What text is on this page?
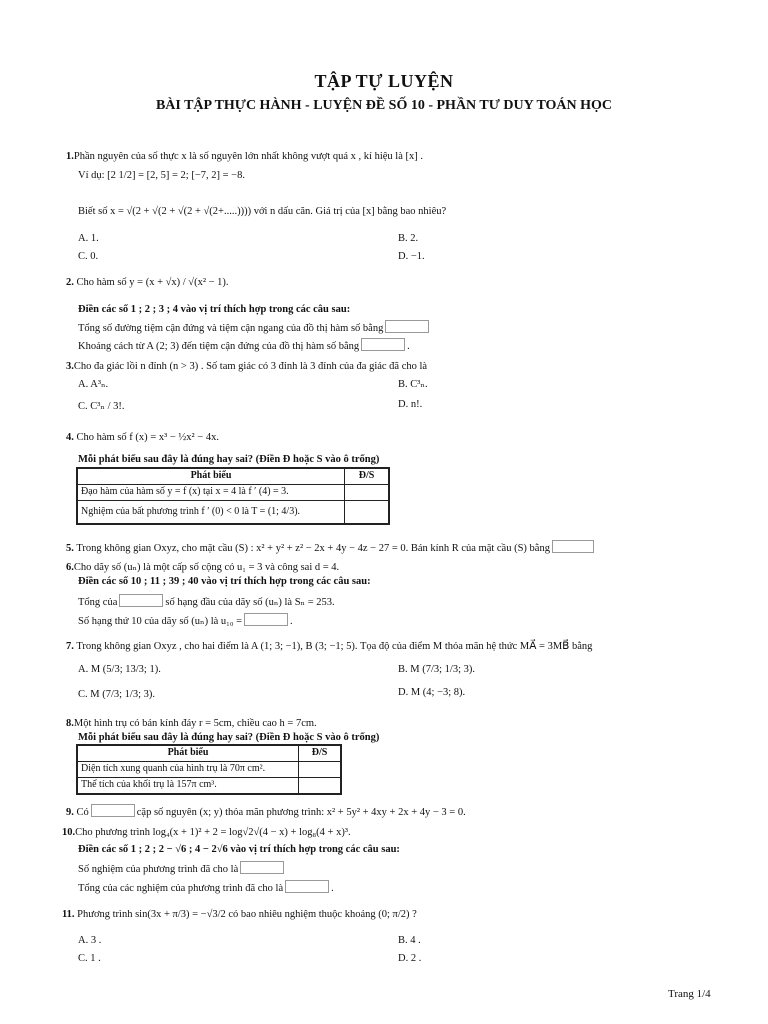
TẬP TỰ LUYỆN
BÀI TẬP THỰC HÀNH - LUYỆN ĐỀ SỐ 10 - PHẦN TƯ DUY TOÁN HỌC
1.Phần nguyên của số thực x là số nguyên lớn nhất không vượt quá x , kí hiệu là [x] .
Ví dụ: [2 1/2] = [2, 5] = 2; [−7, 2] = −8.
Biết số x = √(2 + √(2 + √(2 + √(2+.....)))) với n dấu căn. Giá trị của [x] bằng bao nhiêu?
A. 1.	B. 2.
C. 0.	D. −1.
2. Cho hàm số y = (x + √x) / √(x² − 1).
Điền các số 1 ; 2 ; 3 ; 4 vào vị trí thích hợp trong các câu sau:
Tổng số đường tiệm cận đứng và tiệm cận ngang của đồ thị hàm số bằng
Khoảng cách từ A (2; 3) đến tiệm cận đứng của đồ thị hàm số bằng	.
3.Cho đa giác lồi n đỉnh (n > 3) . Số tam giác có 3 đỉnh là 3 đỉnh của đa giác đã cho là
A. A³ₙ.	B. C³ₙ.
C. C³ₙ / 3!.	D. n!.
4. Cho hàm số f (x) = x³ − ½x² − 4x.
Mỗi phát biểu sau đây là đúng hay sai? (Điền Đ hoặc S vào ô trống)
Phát biểu	Đ/S
Đạo hàm của hàm số y = f (x) tại x = 4 là f ′ (4) = 3.	
Nghiệm của bất phương trình f ′ (0) < 0 là T = (1; 4/3).	
5. Trong không gian Oxyz, cho mặt cầu (S) : x² + y² + z² − 2x + 4y − 4z − 27 = 0. Bán kính R của mặt cầu (S) bằng
6.Cho dãy số (uₙ) là một cấp số cộng có u₁ = 3 và công sai d = 4.
Điền các số 10 ; 11 ; 39 ; 40 vào vị trí thích hợp trong các câu sau:
Tổng của	số hạng đầu của dãy số (uₙ) là Sₙ = 253.
Số hạng thứ 10 của dãy số (uₙ) là u₁₀ =	.
7. Trong không gian Oxyz , cho hai điểm là A (1; 3; −1), B (3; −1; 5). Tọa độ của điểm M thỏa mãn hệ thức MA⃗ = 3MB⃗ bằng
A. M (5/3; 13/3; 1).	B. M (7/3; 1/3; 3).
C. M (7/3; 1/3; 3).	D. M (4; −3; 8).
8.Một hình trụ có bán kính đáy r = 5cm, chiều cao h = 7cm.
Mỗi phát biểu sau đây là đúng hay sai? (Điền Đ hoặc S vào ô trống)
Phát biểu	Đ/S
Diện tích xung quanh của hình trụ là 70π cm².	
Thể tích của khối trụ là 157π cm³.	
9. Có	cặp số nguyên (x; y) thỏa mãn phương trình: x² + 5y² + 4xy + 2x + 4y − 3 = 0.
10.Cho phương trình log₄(x + 1)² + 2 = log√2√(4 − x) + log₈(4 + x)³.
Điền các số 1 ; 2 ; 2 − √6 ; 4 − 2√6 vào vị trí thích hợp trong các câu sau:
Số nghiệm của phương trình đã cho là
Tổng của các nghiệm của phương trình đã cho là	.
11. Phương trình sin(3x + π/3) = −√3/2 có bao nhiêu nghiệm thuộc khoảng (0; π/2) ?
A. 3 .	B. 4 .
C. 1 .	D. 2 .
Trang 1/4
